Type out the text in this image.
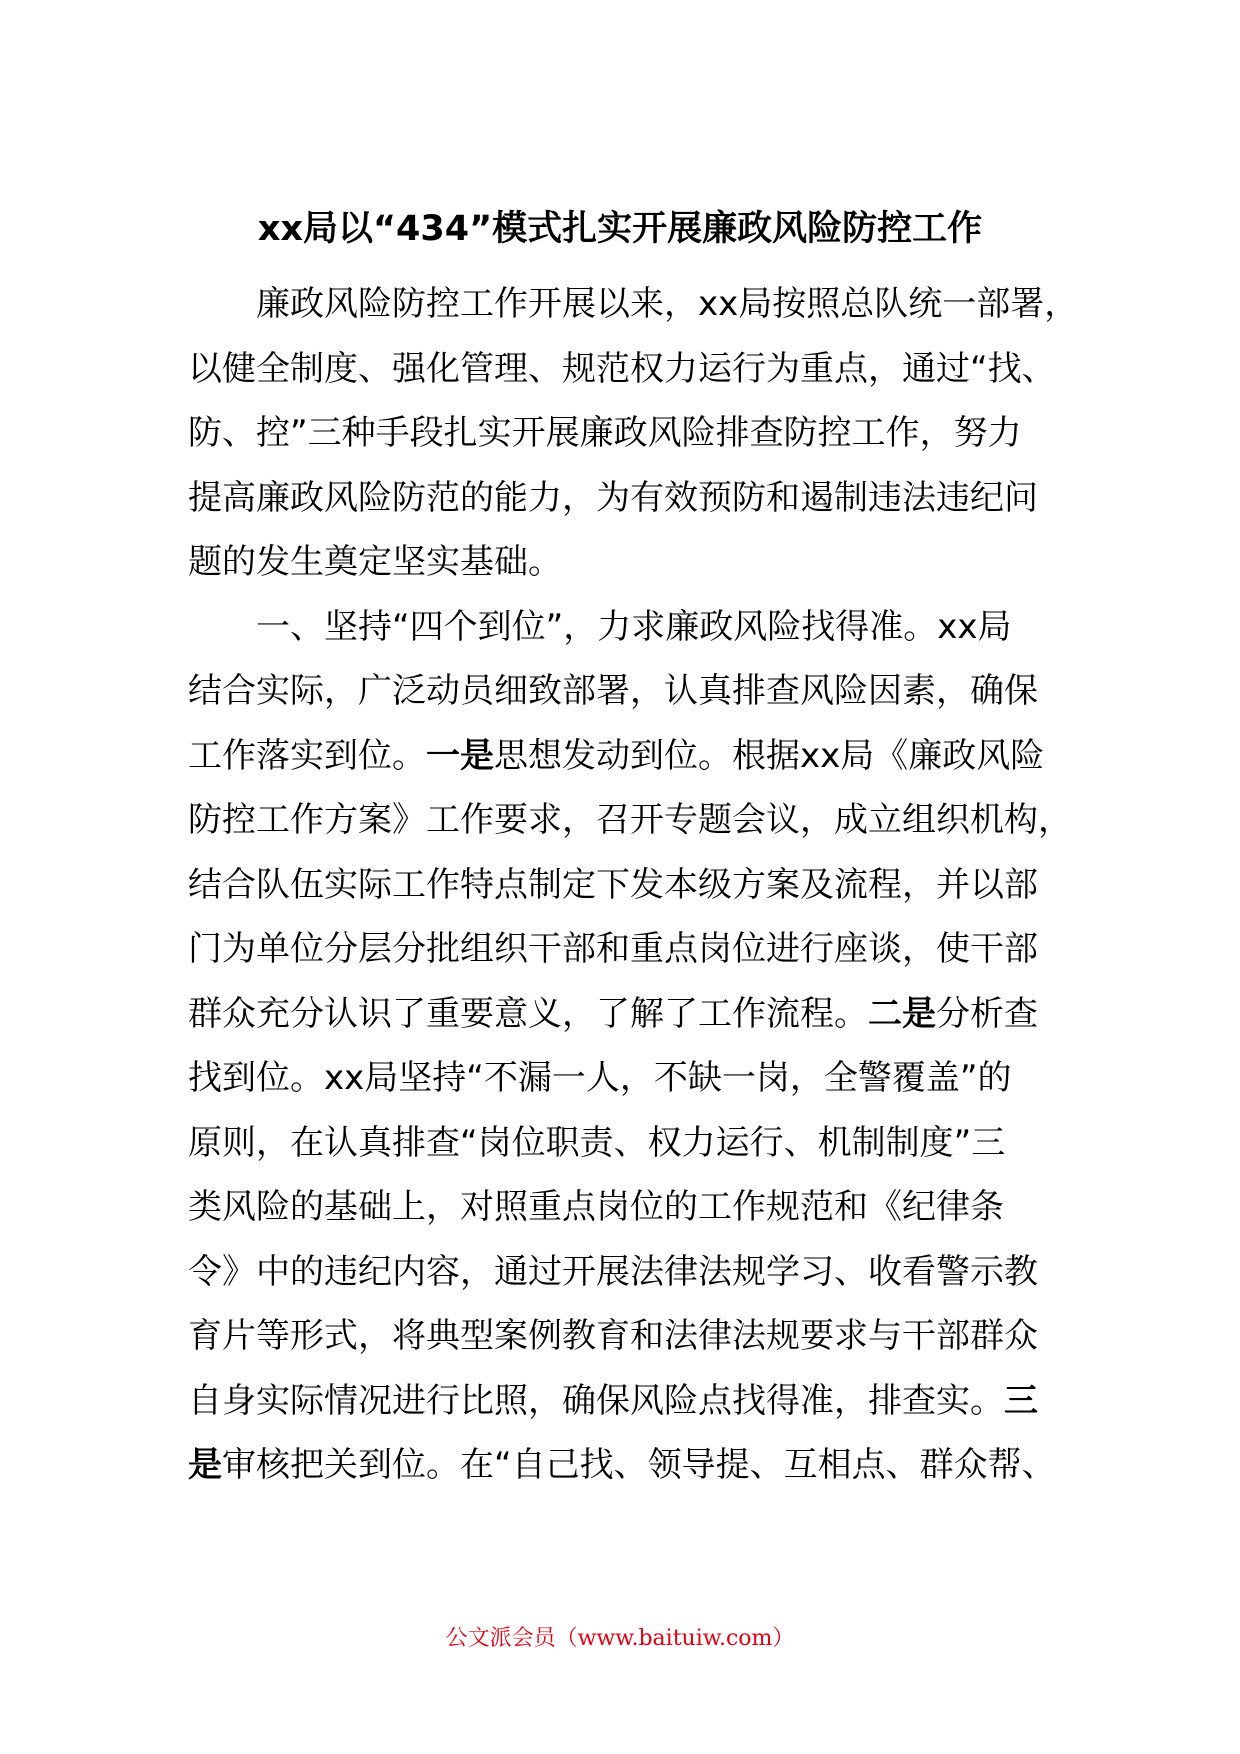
xx局以“434”模式扎实开展廉政风险防控工作
　　廉政风险防控工作开展以来，xx局按照总队统一部署，
以健全制度、强化管理、规范权力运行为重点，通过“找、
防、控”三种手段扎实开展廉政风险排查防控工作，努力
提高廉政风险防范的能力，为有效预防和遏制违法违纪问
题的发生奠定坚实基础。
　　一、坚持“四个到位”，力求廉政风险找得准。xx局
结合实际，广泛动员细致部署，认真排查风险因素，确保
工作落实到位。一是思想发动到位。根据xx局《廉政风险
防控工作方案》工作要求，召开专题会议，成立组织机构，
结合队伍实际工作特点制定下发本级方案及流程，并以部
门为单位分层分批组织干部和重点岗位进行座谈，使干部
群众充分认识了重要意义，了解了工作流程。二是分析查
找到位。xx局坚持“不漏一人，不缺一岗，全警覆盖”的
原则，在认真排查“岗位职责、权力运行、机制制度”三
类风险的基础上，对照重点岗位的工作规范和《纪律条
令》中的违纪内容，通过开展法律法规学习、收看警示教
育片等形式，将典型案例教育和法律法规要求与干部群众
自身实际情况进行比照，确保风险点找得准，排查实。三
是审核把关到位。在“自己找、领导提、互相点、群众帮、
公文派会员（www.baituiw.com）
